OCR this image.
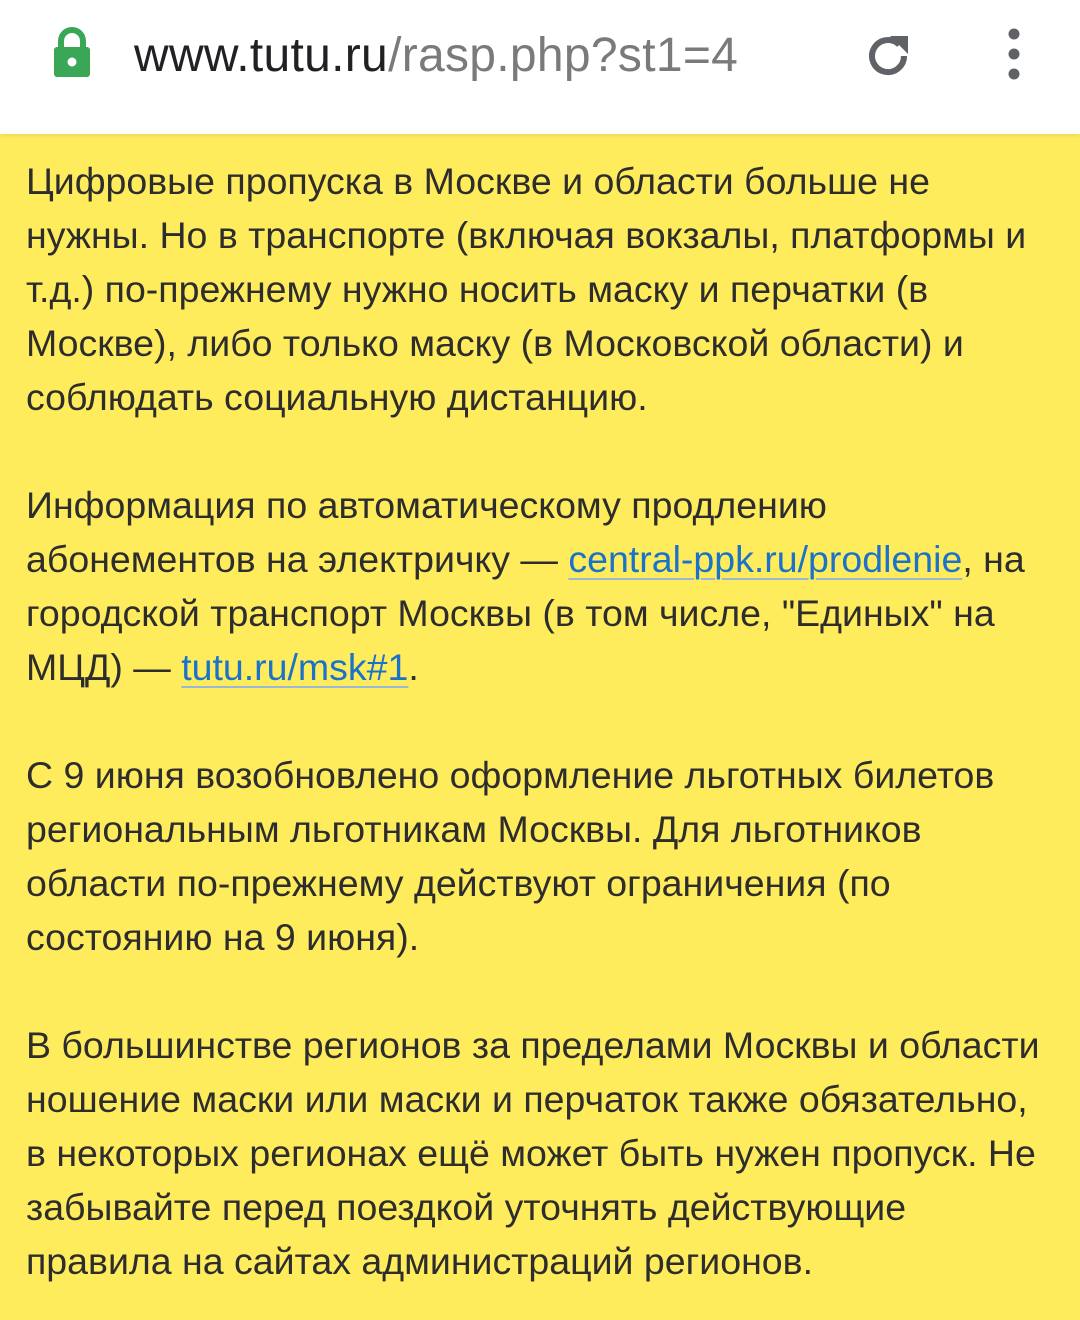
www.tutu.ru/rasp.php?st1=4

Цифровые пропуска в Москве и области больше не нужны. Но в транспорте (включая вокзалы, платформы и т.д.) по-прежнему нужно носить маску и перчатки (в Москве), либо только маску (в Московской области) и соблюдать социальную дистанцию.

Информация по автоматическому продлению абонементов на электричку — central-ppk.ru/prodlenie, на городской транспорт Москвы (в том числе, "Единых" на МЦД) — tutu.ru/msk#1.

С 9 июня возобновлено оформление льготных билетов региональным льготникам Москвы. Для льготников области по-прежнему действуют ограничения (по состоянию на 9 июня).

В большинстве регионов за пределами Москвы и области ношение маски или маски и перчаток также обязательно, в некоторых регионах ещё может быть нужен пропуск. Не забывайте перед поездкой уточнять действующие правила на сайтах администраций регионов.
